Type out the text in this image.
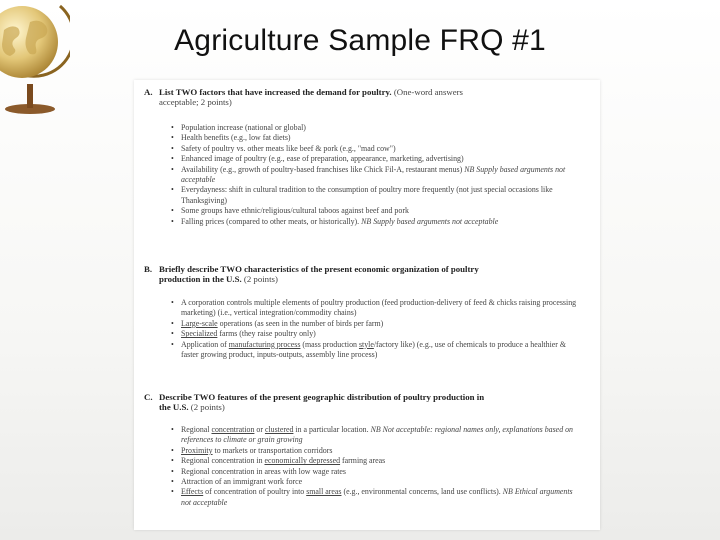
Agriculture Sample FRQ #1
A. List TWO factors that have increased the demand for poultry. (One-word answers
acceptable; 2 points)
• Population increase (national or global)
• Health benefits (e.g., low fat diets)
• Safety of poultry vs. other meats like beef & pork (e.g., "mad cow")
• Enhanced image of poultry (e.g., ease of preparation, appearance, marketing, advertising)
• Availability (e.g., growth of poultry-based franchises like Chick Fil-A, restaurant menus) NB Supply based arguments not acceptable
• Everydayness: shift in cultural tradition to the consumption of poultry more frequently (not just special occasions like Thanksgiving)
• Some groups have ethnic/religious/cultural taboos against beef and pork
• Falling prices (compared to other meats, or historically). NB Supply based arguments not acceptable
B. Briefly describe TWO characteristics of the present economic organization of poultry
production in the U.S. (2 points)
• A corporation controls multiple elements of poultry production (feed production-delivery of feed & chicks raising processing marketing) (i.e., vertical integration/commodity chains)
• Large-scale operations (as seen in the number of birds per farm)
• Specialized farms (they raise poultry only)
• Application of manufacturing process (mass production style/factory like) (e.g., use of chemicals to produce a healthier & faster growing product, inputs-outputs, assembly line process)
C. Describe TWO features of the present geographic distribution of poultry production in
the U.S. (2 points)
• Regional concentration or clustered in a particular location. NB Not acceptable: regional names only, explanations based on references to climate or grain growing
• Proximity to markets or transportation corridors
• Regional concentration in economically depressed farming areas
• Regional concentration in areas with low wage rates
• Attraction of an immigrant work force
• Effects of concentration of poultry into small areas (e.g., environmental concerns, land use conflicts). NB Ethical arguments not acceptable
